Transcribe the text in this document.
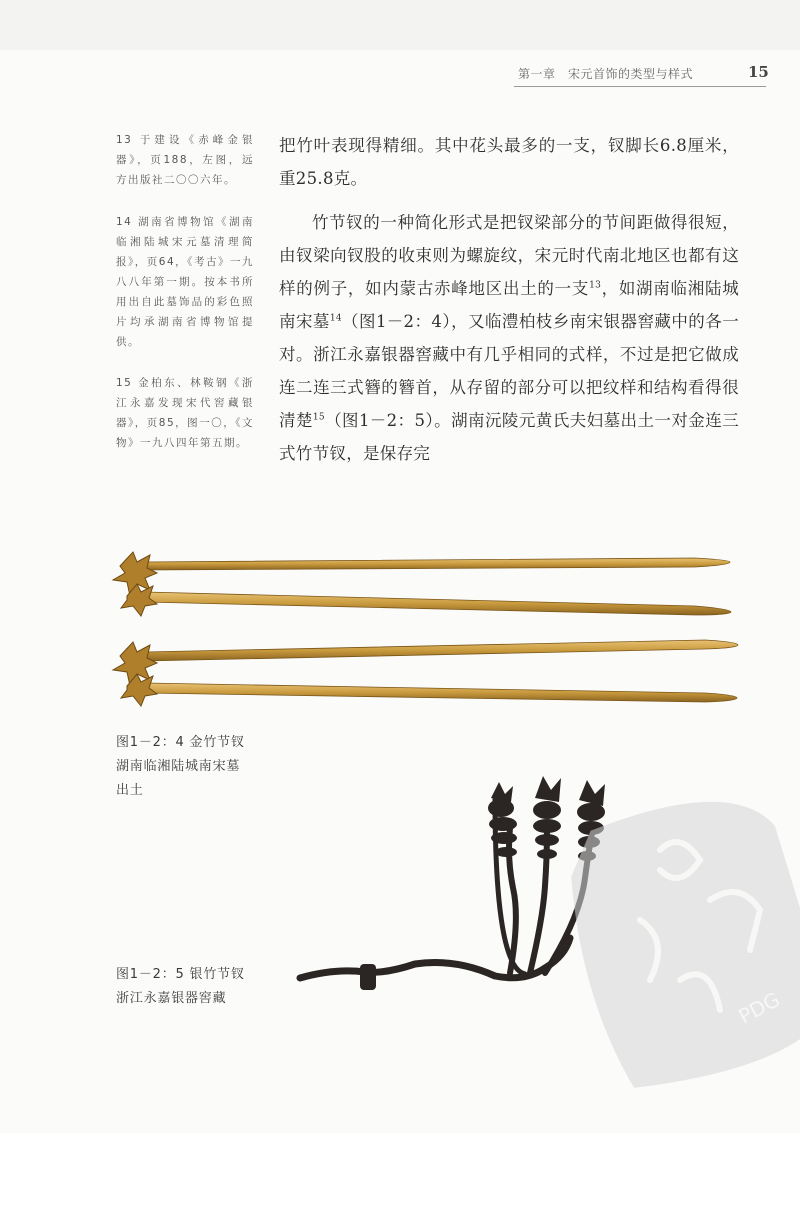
第一章　宋元首饰的类型与样式	15
13 于建设《赤峰金银器》，页188，左图，远方出版社二〇〇六年。
14 湖南省博物馆《湖南临湘陆城宋元墓清理简报》，页64，《考古》一九八八年第一期。按本书所用出自此墓饰品的彩色照片均承湖南省博物馆提供。
15 金柏东、林鞍钢《浙江永嘉发现宋代窖藏银器》，页85，图一〇，《文物》一九八四年第五期。

把竹叶表现得精细。其中花头最多的一支，钗脚长6.8厘米，重25.8克。

竹节钗的一种简化形式是把钗梁部分的节间距做得很短，由钗梁向钗股的收束则为螺旋纹，宋元时代南北地区也都有这样的例子，如内蒙古赤峰地区出土的一支$^{13}$，如湖南临湘陆城南宋墓$^{14}$（图1－2：4），又临澧柏枝乡南宋银器窖藏中的各一对。浙江永嘉银器窖藏中有几乎相同的式样，不过是把它做成连二连三式簪的簪首，从存留的部分可以把纹样和结构看得很清楚$^{15}$（图1－2：5）。湖南沅陵元黄氏夫妇墓出土一对金连三式竹节钗，是保存完

图1－2：4 金竹节钗
湖南临湘陆城南宋墓
出土
图1－2：5 银竹节钗
浙江永嘉银器窖藏	PDG
